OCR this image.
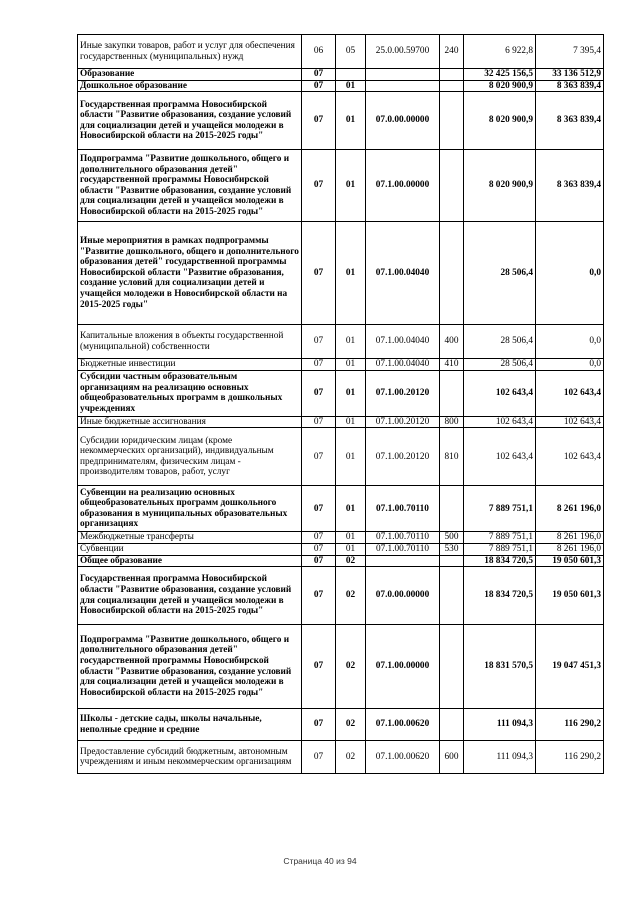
Иные закупки товаров, работ и услуг для обеспечения государственных (муниципальных) нужд	06	05	25.0.00.59700	240	6 922,8	7 395,4
Образование	07				32 425 156,5	33 136 512,9
Дошкольное образование	07	01			8 020 900,9	8 363 839,4
Государственная программа Новосибирской области "Развитие образования, создание условий для социализации детей и учащейся молодежи в Новосибирской области на 2015-2025 годы"	07	01	07.0.00.00000		8 020 900,9	8 363 839,4
Подпрограмма "Развитие дошкольного, общего и дополнительного образования детей" государственной программы Новосибирской области "Развитие образования, создание условий для социализации детей и учащейся молодежи в Новосибирской области на 2015-2025 годы"	07	01	07.1.00.00000		8 020 900,9	8 363 839,4
Иные мероприятия в рамках подпрограммы "Развитие дошкольного, общего и дополнительного образования детей" государственной программы Новосибирской области "Развитие образования, создание условий для социализации детей и учащейся молодежи в Новосибирской области на 2015-2025 годы"	07	01	07.1.00.04040		28 506,4	0,0
Капитальные вложения в объекты государственной (муниципальной) собственности	07	01	07.1.00.04040	400	28 506,4	0,0
Бюджетные инвестиции	07	01	07.1.00.04040	410	28 506,4	0,0
Субсидии частным образовательным организациям на реализацию основных общеобразовательных программ в дошкольных учреждениях	07	01	07.1.00.20120		102 643,4	102 643,4
Иные бюджетные ассигнования	07	01	07.1.00.20120	800	102 643,4	102 643,4
Субсидии юридическим лицам (кроме некоммерческих организаций), индивидуальным предпринимателям, физическим лицам - производителям товаров, работ, услуг	07	01	07.1.00.20120	810	102 643,4	102 643,4
Субвенции на реализацию основных общеобразовательных программ дошкольного образования в муниципальных образовательных организациях	07	01	07.1.00.70110		7 889 751,1	8 261 196,0
Межбюджетные трансферты	07	01	07.1.00.70110	500	7 889 751,1	8 261 196,0
Субвенции	07	01	07.1.00.70110	530	7 889 751,1	8 261 196,0
Общее образование	07	02			18 834 720,5	19 050 601,3
Государственная программа Новосибирской области "Развитие образования, создание условий для социализации детей и учащейся молодежи в Новосибирской области на 2015-2025 годы"	07	02	07.0.00.00000		18 834 720,5	19 050 601,3
Подпрограмма "Развитие дошкольного, общего и дополнительного образования детей" государственной программы Новосибирской области "Развитие образования, создание условий для социализации детей и учащейся молодежи в Новосибирской области на 2015-2025 годы"	07	02	07.1.00.00000		18 831 570,5	19 047 451,3
Школы - детские сады, школы начальные, неполные средние и средние	07	02	07.1.00.00620		111 094,3	116 290,2
Предоставление субсидий бюджетным, автономным учреждениям и иным некоммерческим организациям	07	02	07.1.00.00620	600	111 094,3	116 290,2
Страница 40 из 94
